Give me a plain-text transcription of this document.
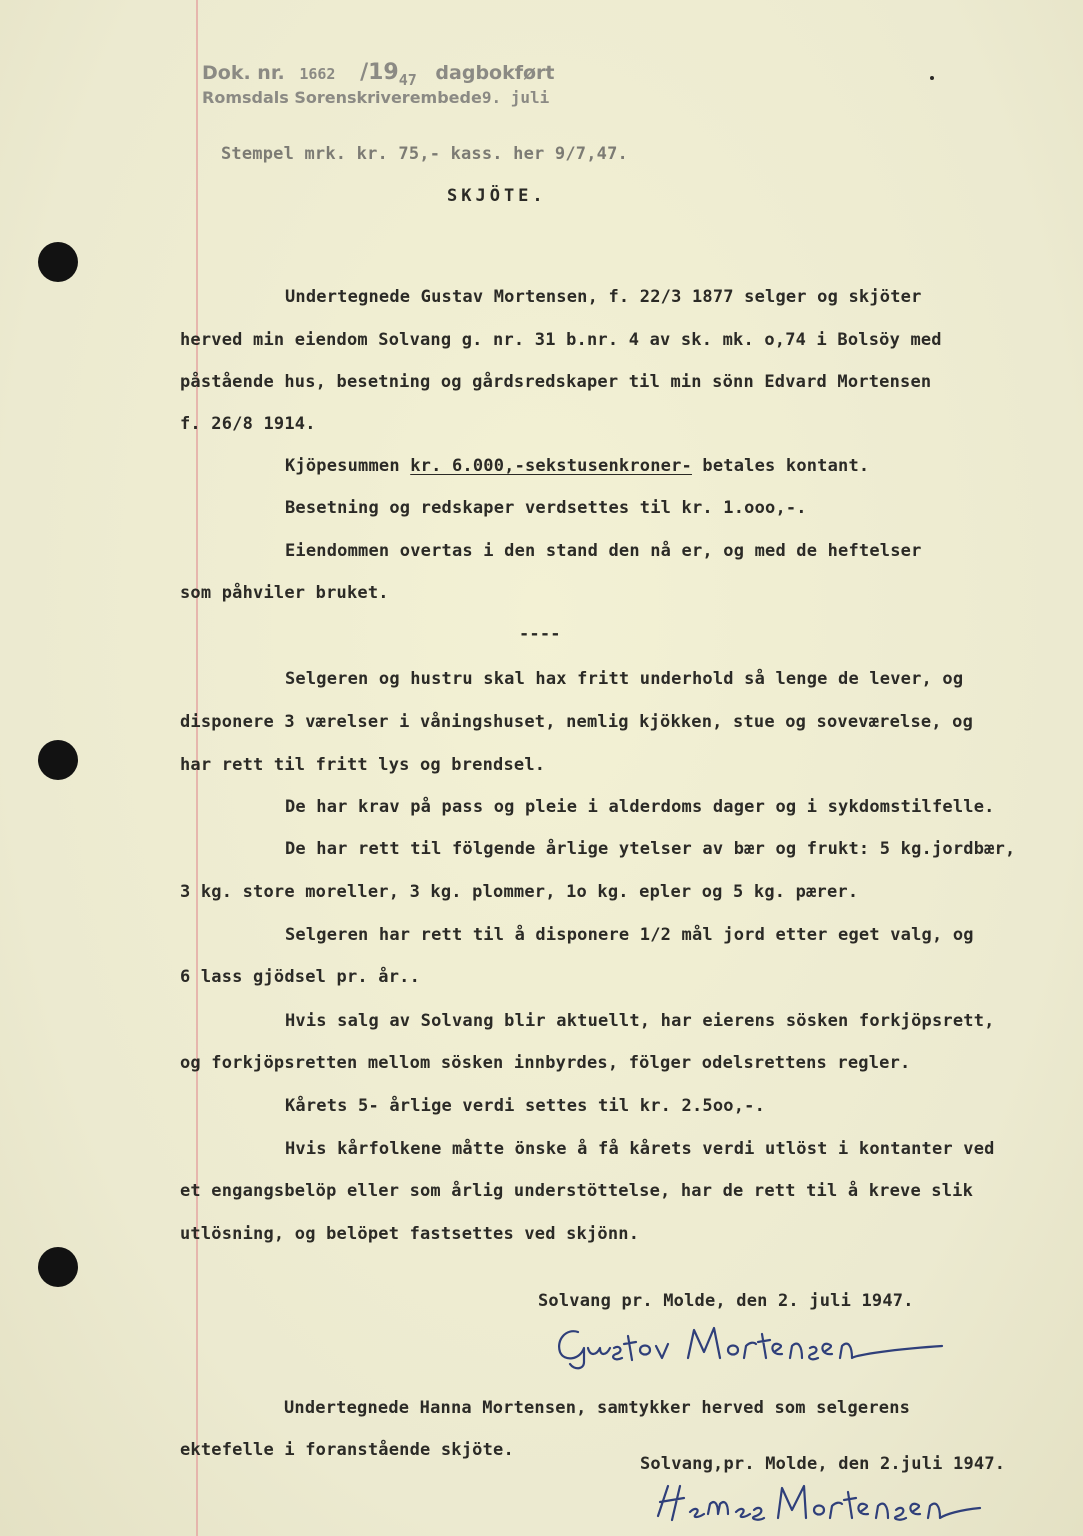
Dok. nr. 1662 $/19_{47}$ dagbokført
Romsdals Sorenskriverembede9. juli
Stempel mrk. kr. 75,- kass. her 9/7,47.
SKJÖTE.
Undertegnede Gustav Mortensen, f. 22/3 1877 selger og skjöter
herved min eiendom Solvang g. nr. 31 b.nr. 4 av sk. mk. o,74 i Bolsöy med
påstående hus, besetning og gårdsredskaper til min sönn Edvard Mortensen
f. 26/8 1914.
Kjöpesummen kr. 6.000,-sekstusenkroner- betales kontant.
Besetning og redskaper verdsettes til kr. 1.ooo,-.
Eiendommen overtas i den stand den nå er, og med de heftelser
som påhviler bruket.
----
Selgeren og hustru skal hax fritt underhold så lenge de lever, og
disponere 3 værelser i våningshuset, nemlig kjökken, stue og soveværelse, og
har rett til fritt lys og brendsel.
De har krav på pass og pleie i alderdoms dager og i sykdomstilfelle.
De har rett til fölgende årlige ytelser av bær og frukt: 5 kg.jordbær,
3 kg. store moreller, 3 kg. plommer, 1o kg. epler og 5 kg. pærer.
Selgeren har rett til å disponere 1/2 mål jord etter eget valg, og
6 lass gjödsel pr. år..
Hvis salg av Solvang blir aktuellt, har eierens sösken forkjöpsrett,
og forkjöpsretten mellom sösken innbyrdes, fölger odelsrettens regler.
Kårets 5- årlige verdi settes til kr. 2.5oo,-.
Hvis kårfolkene måtte önske å få kårets verdi utlöst i kontanter ved
et engangsbelöp eller som årlig understöttelse, har de rett til å kreve slik
utlösning, og belöpet fastsettes ved skjönn.
Solvang pr. Molde, den 2. juli 1947.
Undertegnede Hanna Mortensen, samtykker herved som selgerens
ektefelle i foranstående skjöte.
Solvang,pr. Molde, den 2.juli 1947.
